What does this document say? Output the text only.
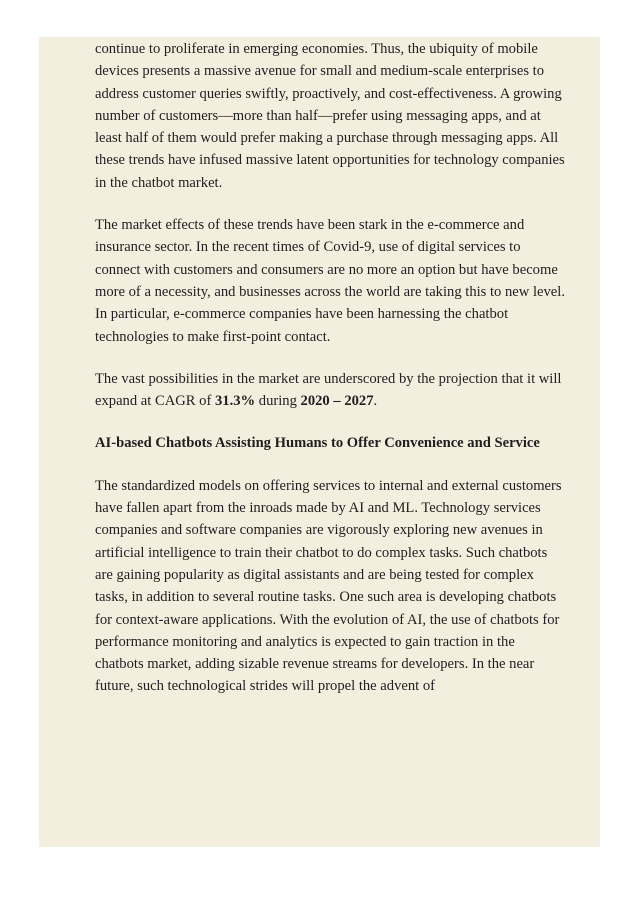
continue to proliferate in emerging economies. Thus, the ubiquity of mobile devices presents a massive avenue for small and medium-scale enterprises to address customer queries swiftly, proactively, and cost-effectiveness. A growing number of customers—more than half—prefer using messaging apps, and at least half of them would prefer making a purchase through messaging apps. All these trends have infused massive latent opportunities for technology companies in the chatbot market.

The market effects of these trends have been stark in the e-commerce and insurance sector. In the recent times of Covid-9, use of digital services to connect with customers and consumers are no more an option but have become more of a necessity, and businesses across the world are taking this to new level. In particular, e-commerce companies have been harnessing the chatbot technologies to make first-point contact.

The vast possibilities in the market are underscored by the projection that it will expand at CAGR of 31.3% during 2020 – 2027.

AI-based Chatbots Assisting Humans to Offer Convenience and Service

The standardized models on offering services to internal and external customers have fallen apart from the inroads made by AI and ML. Technology services companies and software companies are vigorously exploring new avenues in artificial intelligence to train their chatbot to do complex tasks. Such chatbots are gaining popularity as digital assistants and are being tested for complex tasks, in addition to several routine tasks. One such area is developing chatbots for context-aware applications. With the evolution of AI, the use of chatbots for performance monitoring and analytics is expected to gain traction in the chatbots market, adding sizable revenue streams for developers. In the near future, such technological strides will propel the advent of
